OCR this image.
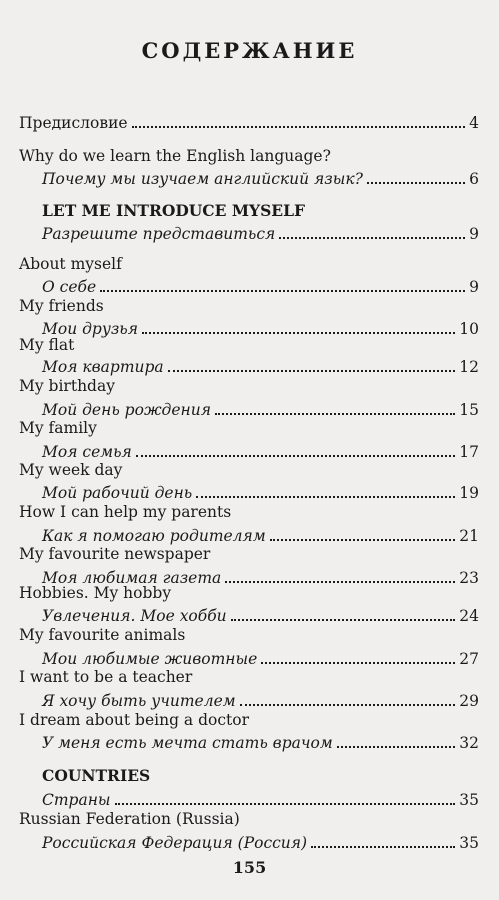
СОДЕРЖАНИЕ
Предисловие	4
Why do we learn the English language?
Почему мы изучаем английский язык?	6
LET ME INTRODUCE MYSELF
Разрешите представиться	9
About myself
О себе	9
My friends
Мои друзья	10
My flat
Моя квартира	12
My birthday
Мой день рождения	15
My family
Моя семья	17
My week day
Мой рабочий день	19
How I can help my parents
Как я помогаю родителям	21
My favourite newspaper
Моя любимая газета	23
Hobbies. My hobby
Увлечения. Мое хобби	24
My favourite animals
Мои любимые животные	27
I want to be a teacher
Я хочу быть учителем	29
I dream about being a doctor
У меня есть мечта стать врачом	32
COUNTRIES
Страны	35
Russian Federation (Russia)
Российская Федерация (Россия)	35
155
